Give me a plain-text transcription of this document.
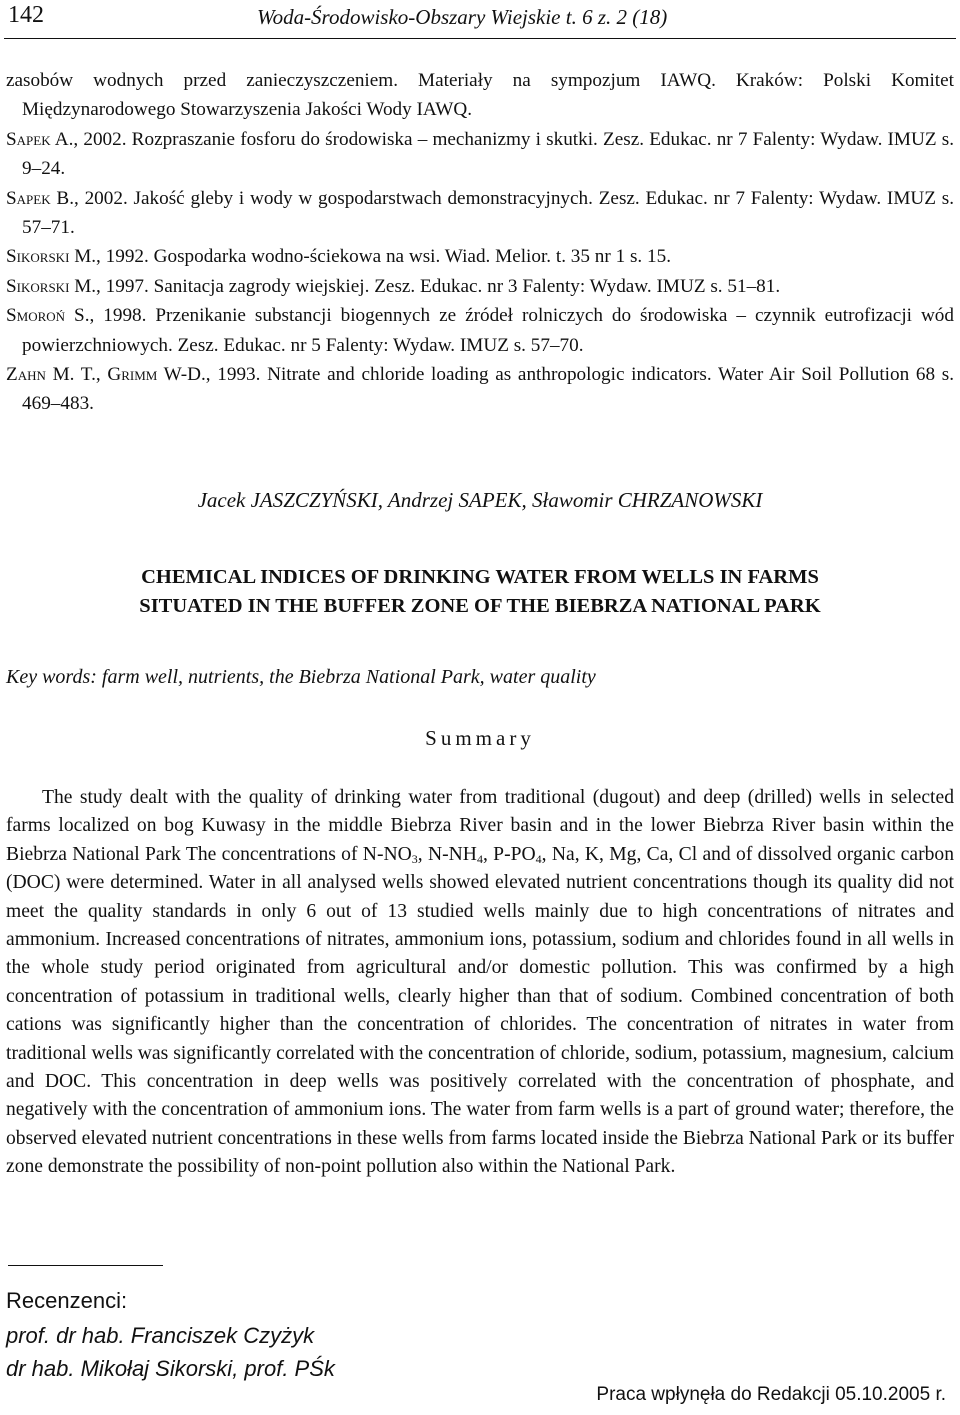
142	Woda-Środowisko-Obszary Wiejskie t. 6 z. 2 (18)

zasobów wodnych przed zanieczyszczeniem. Materiały na sympozjum IAWQ. Kraków: Polski Komitet Międzynarodowego Stowarzyszenia Jakości Wody IAWQ.

Sapek A., 2002. Rozpraszanie fosforu do środowiska – mechanizmy i skutki. Zesz. Edukac. nr 7 Falenty: Wydaw. IMUZ s. 9–24.

Sapek B., 2002. Jakość gleby i wody w gospodarstwach demonstracyjnych. Zesz. Edukac. nr 7 Falenty: Wydaw. IMUZ s. 57–71.

Sikorski M., 1992. Gospodarka wodno-ściekowa na wsi. Wiad. Melior. t. 35 nr 1 s. 15.

Sikorski M., 1997. Sanitacja zagrody wiejskiej. Zesz. Edukac. nr 3 Falenty: Wydaw. IMUZ s. 51–81.

Smoroń S., 1998. Przenikanie substancji biogennych ze źródeł rolniczych do środowiska – czynnik eutrofizacji wód powierzchniowych. Zesz. Edukac. nr 5 Falenty: Wydaw. IMUZ s. 57–70.

Zahn M. T., Grimm W-D., 1993. Nitrate and chloride loading as anthropologic indicators. Water Air Soil Pollution 68 s. 469–483.

Jacek JASZCZYŃSKI, Andrzej SAPEK, Sławomir CHRZANOWSKI
CHEMICAL INDICES OF DRINKING WATER FROM WELLS IN FARMS
SITUATED IN THE BUFFER ZONE OF THE BIEBRZA NATIONAL PARK
Key words: farm well, nutrients, the Biebrza National Park, water quality
Summary

The study dealt with the quality of drinking water from traditional (dugout) and deep (drilled) wells in selected farms localized on bog Kuwasy in the middle Biebrza River basin and in the lower Biebrza River basin within the Biebrza National Park The concentrations of $N-NO_3$, $N-NH_4$, $P-PO_4$, Na, K, Mg, Ca, Cl and of dissolved organic carbon (DOC) were determined. Water in all analysed wells showed elevated nutrient concentrations though its quality did not meet the quality standards in only 6 out of 13 studied wells mainly due to high concentrations of nitrates and ammonium. Increased concentrations of nitrates, ammonium ions, potassium, sodium and chlorides found in all wells in the whole study period originated from agricultural and/or domestic pollution. This was confirmed by a high concentration of potassium in traditional wells, clearly higher than that of sodium. Combined concentration of both cations was significantly higher than the concentration of chlorides. The concentration of nitrates in water from traditional wells was significantly correlated with the concentration of chloride, sodium, potassium, magnesium, calcium and DOC. This concentration in deep wells was positively correlated with the concentration of phosphate, and negatively with the concentration of ammonium ions. The water from farm wells is a part of ground water; therefore, the observed elevated nutrient concentrations in these wells from farms located inside the Biebrza National Park or its buffer zone demonstrate the possibility of non-point pollution also within the National Park.

Recenzenci:
prof. dr hab. Franciszek Czyżyk
dr hab. Mikołaj Sikorski, prof. PŚk
Praca wpłynęła do Redakcji 05.10.2005 r.
